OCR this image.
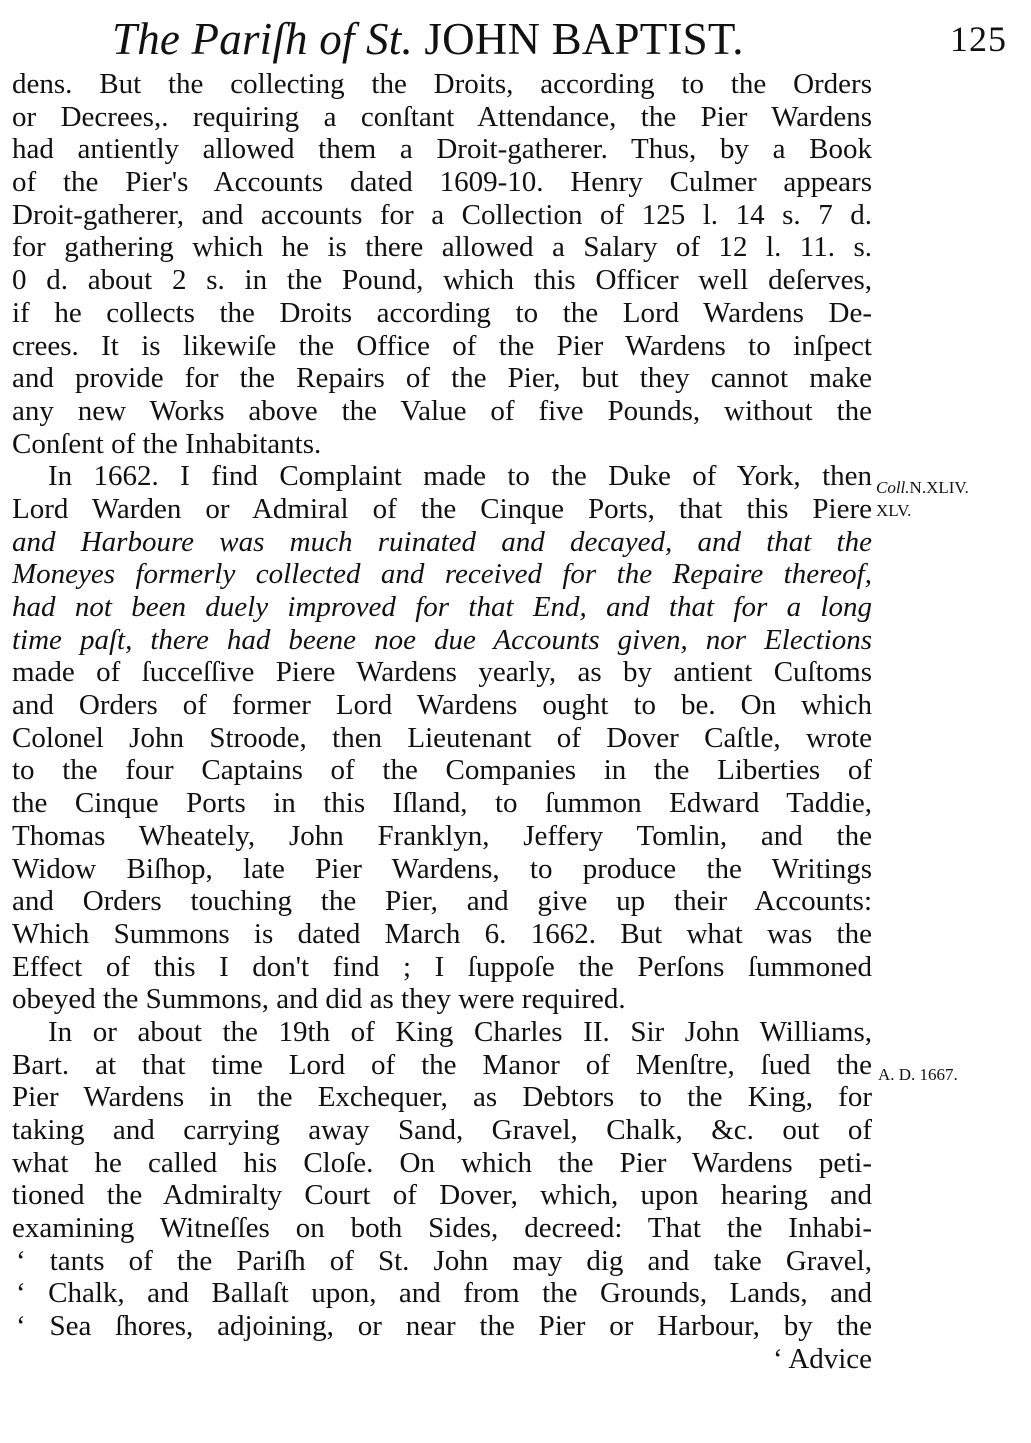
The Pariſh of St. JOHN BAPTIST.	125
Coll.N.XLIV.
XLV.
A. D. 1667.
dens. But the collecting the Droits, according to the Orders
or Decrees,. requiring a conſtant Attendance, the Pier Wardens
had antiently allowed them a Droit-gatherer. Thus, by a Book
of the Pier's Accounts dated 1609-10. Henry Culmer appears
Droit-gatherer, and accounts for a Collection of 125 l. 14 s. 7 d.
for gathering which he is there allowed a Salary of 12 l. 11. s.
0 d. about 2 s. in the Pound, which this Officer well deſerves,
if he collects the Droits according to the Lord Wardens De-
crees. It is likewiſe the Office of the Pier Wardens to inſpect
and provide for the Repairs of the Pier, but they cannot make
any new Works above the Value of five Pounds, without the
Conſent of the Inhabitants.
In 1662. I find Complaint made to the Duke of York, then
Lord Warden or Admiral of the Cinque Ports, that this Piere
and Harboure was much ruinated and decayed, and that the
Moneyes formerly collected and received for the Repaire thereof,
had not been duely improved for that End, and that for a long
time paſt, there had beene noe due Accounts given, nor Elections
made of ſucceſſive Piere Wardens yearly, as by antient Cuſtoms
and Orders of former Lord Wardens ought to be. On which
Colonel John Stroode, then Lieutenant of Dover Caſtle, wrote
to the four Captains of the Companies in the Liberties of
the Cinque Ports in this Iſland, to ſummon Edward Taddie,
Thomas Wheately, John Franklyn, Jeffery Tomlin, and the
Widow Biſhop, late Pier Wardens, to produce the Writings
and Orders touching the Pier, and give up their Accounts:
Which Summons is dated March 6. 1662. But what was the
Effect of this I don't find ; I ſuppoſe the Perſons ſummoned
obeyed the Summons, and did as they were required.
In or about the 19th of King Charles II. Sir John Williams,
Bart. at that time Lord of the Manor of Menſtre, ſued the
Pier Wardens in the Exchequer, as Debtors to the King, for
taking and carrying away Sand, Gravel, Chalk, &c. out of
what he called his Cloſe. On which the Pier Wardens peti-
tioned the Admiralty Court of Dover, which, upon hearing and
examining Witneſſes on both Sides, decreed: That the Inhabi-
‘ tants of the Pariſh of St. John may dig and take Gravel,
‘ Chalk, and Ballaſt upon, and from the Grounds, Lands, and
‘ Sea ſhores, adjoining, or near the Pier or Harbour, by the
‘ Advice
